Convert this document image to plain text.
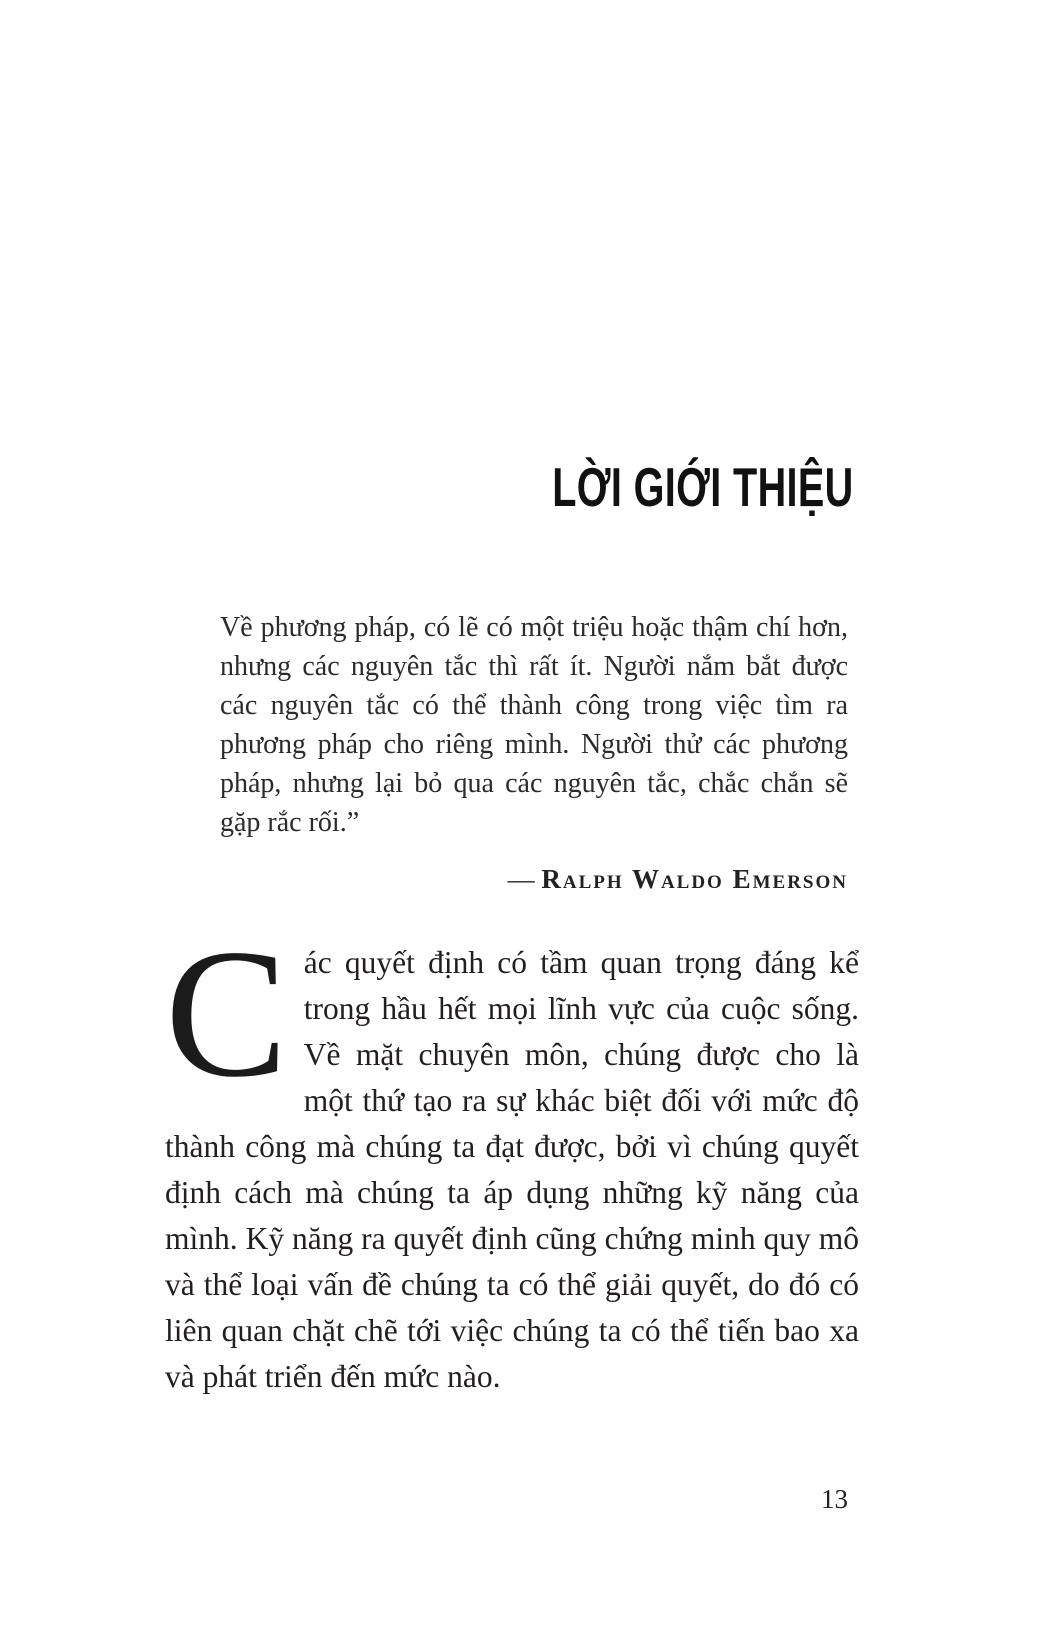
LỜI GIỚI THIỆU

Về phương pháp, có lẽ có một triệu hoặc thậm chí hơn, nhưng các nguyên tắc thì rất ít. Người nắm bắt được các nguyên tắc có thể thành công trong việc tìm ra phương pháp cho riêng mình. Người thử các phương pháp, nhưng lại bỏ qua các nguyên tắc, chắc chắn sẽ gặp rắc rối.”

— Ralph Waldo Emerson

Các quyết định có tầm quan trọng đáng kể trong hầu hết mọi lĩnh vực của cuộc sống. Về mặt chuyên môn, chúng được cho là một thứ tạo ra sự khác biệt đối với mức độ thành công mà chúng ta đạt được, bởi vì chúng quyết định cách mà chúng ta áp dụng những kỹ năng của mình. Kỹ năng ra quyết định cũng chứng minh quy mô và thể loại vấn đề chúng ta có thể giải quyết, do đó có liên quan chặt chẽ tới việc chúng ta có thể tiến bao xa và phát triển đến mức nào.
13
